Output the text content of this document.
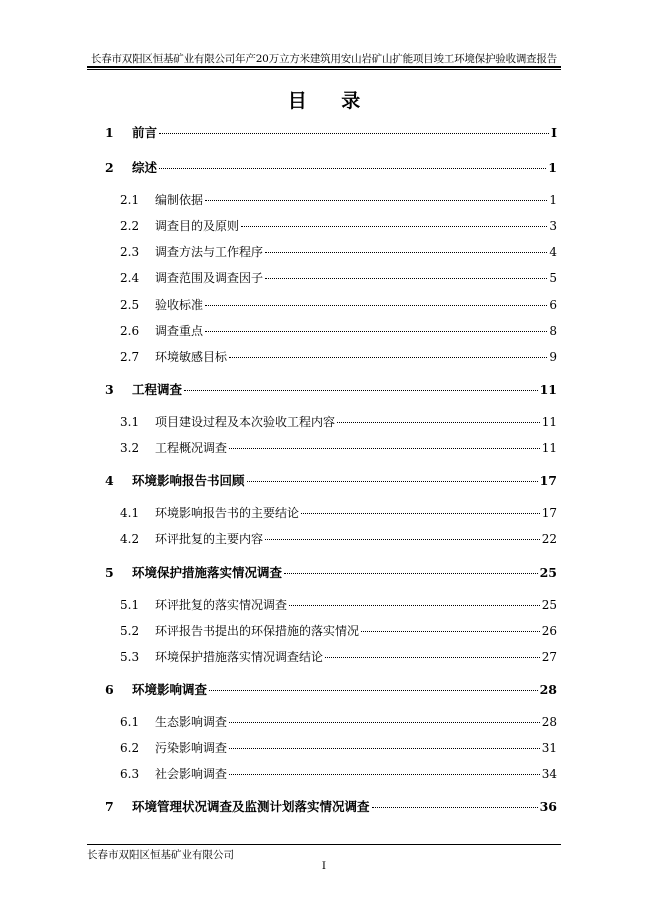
长春市双阳区恒基矿业有限公司年产20万立方米建筑用安山岩矿山扩能项目竣工环境保护验收调查报告
目 录
1	前言	I
2	综述	1
2.1	编制依据	1
2.2	调查目的及原则	3
2.3	调查方法与工作程序	4
2.4	调查范围及调查因子	5
2.5	验收标准	6
2.6	调查重点	8
2.7	环境敏感目标	9
3	工程调查	11
3.1	项目建设过程及本次验收工程内容	11
3.2	工程概况调查	11
4	环境影响报告书回顾	17
4.1	环境影响报告书的主要结论	17
4.2	环评批复的主要内容	22
5	环境保护措施落实情况调查	25
5.1	环评批复的落实情况调查	25
5.2	环评报告书提出的环保措施的落实情况	26
5.3	环境保护措施落实情况调查结论	27
6	环境影响调查	28
6.1	生态影响调查	28
6.2	污染影响调查	31
6.3	社会影响调查	34
7	环境管理状况调查及监测计划落实情况调查	36
长春市双阳区恒基矿业有限公司
I
